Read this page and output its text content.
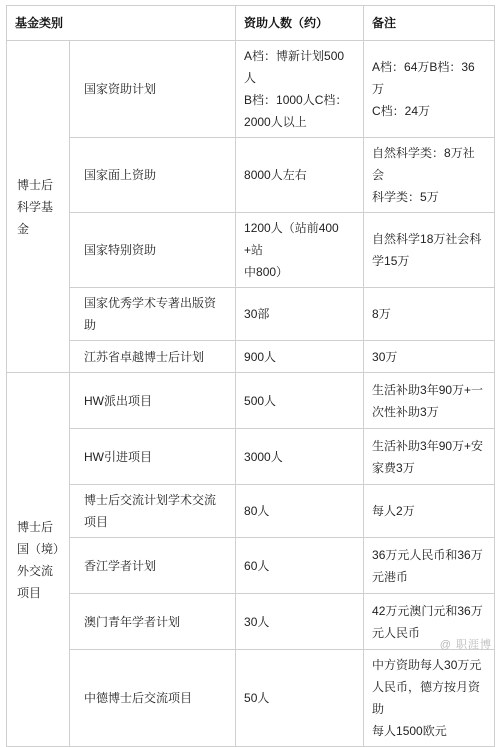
基金类别		资助人数（约）	备注
博士后科学基金	国家资助计划	A档：博新计划500人
B档：1000人C档：
2000人以上	A档：64万B档：36万
C档：24万

	国家面上资助	8000人左右	自然科学类：8万社会
科学类：5万

	国家特别资助	1200人（站前400+站
中800）	自然科学18万社会科
学15万

	国家优秀学术专著出版资助	30部	8万

	江苏省卓越博士后计划	900人	30万

博士后国（境）外交流项目	HW派出项目	500人	生活补助3年90万+一
次性补助3万

	HW引进项目	3000人	生活补助3年90万+安
家费3万

	博士后交流计划学术交流项目	80人	每人2万

	香江学者计划	60人	36万元人民币和36万
元港币

	澳门青年学者计划	30人	42万元澳门元和36万
元人民币

	中德博士后交流项目	50人	中方资助每人30万元
人民币，德方按月资助
每人1500欧元
@ 职涯博
